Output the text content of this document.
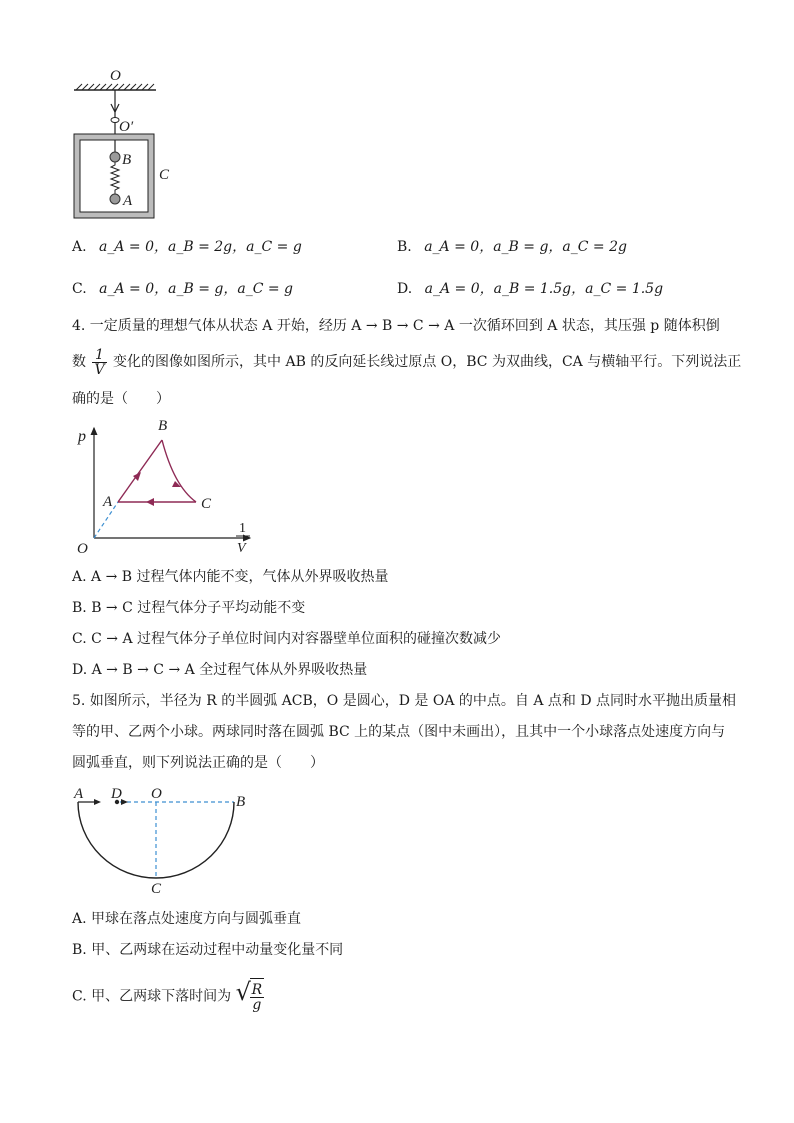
O
O′
B
C
A
A. a_A = 0，a_B = 2g，a_C = g	B. a_A = 0，a_B = g，a_C = 2g
C. a_A = 0，a_B = g，a_C = g	D. a_A = 0，a_B = 1.5g，a_C = 1.5g
4. 一定质量的理想气体从状态 A 开始，经历 A → B → C → A 一次循环回到 A 状态，其压强 p 随体积倒
数 $\frac{1}{V}$ 变化的图像如图所示，其中 AB 的反向延长线过原点 O，BC 为双曲线，CA 与横轴平行。下列说法正
确的是（　　）
p
O
A
B
C
1
V
A. A → B 过程气体内能不变，气体从外界吸收热量
B. B → C 过程气体分子平均动能不变
C. C → A 过程气体分子单位时间内对容器壁单位面积的碰撞次数减少
D. A → B → C → A 全过程气体从外界吸收热量
5. 如图所示，半径为 R 的半圆弧 ACB，O 是圆心，D 是 OA 的中点。自 A 点和 D 点同时水平抛出质量相
等的甲、乙两个小球。两球同时落在圆弧 BC 上的某点（图中未画出），且其中一个小球落点处速度方向与
圆弧垂直，则下列说法正确的是（　　）
A D O	B
C
A. 甲球在落点处速度方向与圆弧垂直
B. 甲、乙两球在运动过程中动量变化量不同
C. 甲、乙两球下落时间为 √
$\frac{R}{g}$
